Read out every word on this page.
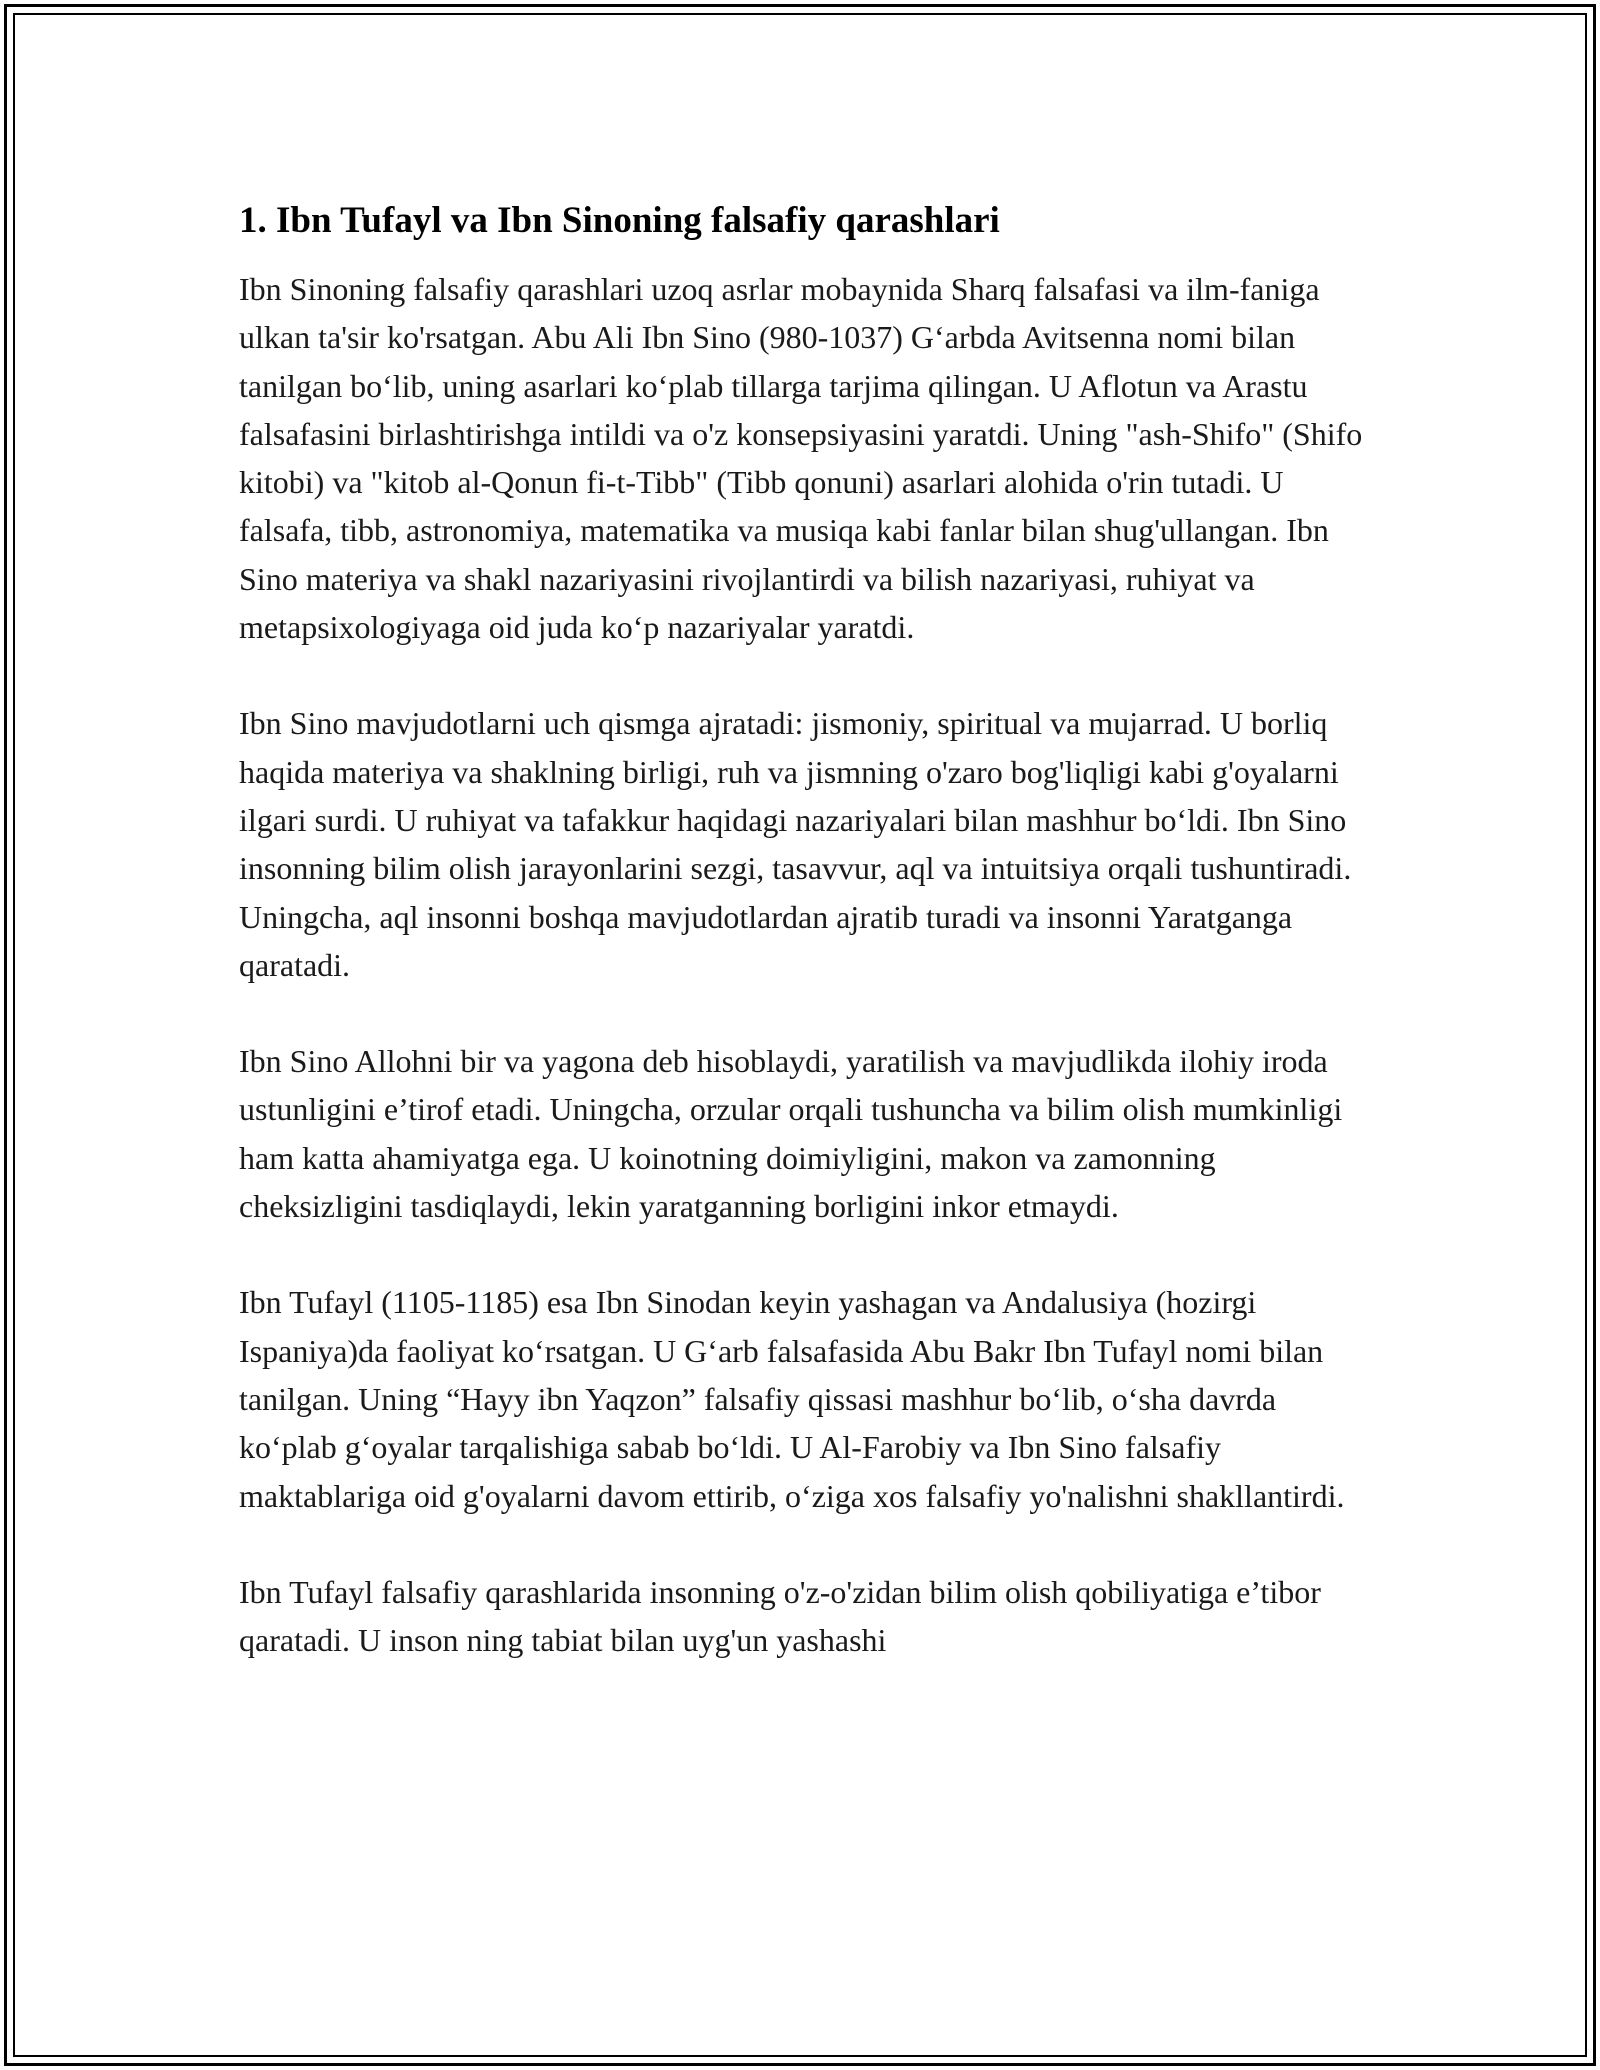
1. Ibn Tufayl va Ibn Sinoning falsafiy qarashlari

Ibn Sinoning falsafiy qarashlari uzoq asrlar mobaynida Sharq falsafasi va ilm-faniga ulkan ta'sir ko'rsatgan. Abu Ali Ibn Sino (980-1037) G‘arbda Avitsenna nomi bilan tanilgan bo‘lib, uning asarlari ko‘plab tillarga tarjima qilingan. U Aflotun va Arastu falsafasini birlashtirishga intildi va o'z konsepsiyasini yaratdi. Uning "ash-Shifo" (Shifo kitobi) va "kitob al-Qonun fi-t-Tibb" (Tibb qonuni) asarlari alohida o'rin tutadi. U falsafa, tibb, astronomiya, matematika va musiqa kabi fanlar bilan shug'ullangan. Ibn Sino materiya va shakl nazariyasini rivojlantirdi va bilish nazariyasi, ruhiyat va metapsixologiyaga oid juda ko‘p nazariyalar yaratdi.

Ibn Sino mavjudotlarni uch qismga ajratadi: jismoniy, spiritual va mujarrad. U borliq haqida materiya va shaklning birligi, ruh va jismning o'zaro bog'liqligi kabi g'oyalarni ilgari surdi. U ruhiyat va tafakkur haqidagi nazariyalari bilan mashhur bo‘ldi. Ibn Sino insonning bilim olish jarayonlarini sezgi, tasavvur, aql va intuitsiya orqali tushuntiradi. Uningcha, aql insonni boshqa mavjudotlardan ajratib turadi va insonni Yaratganga qaratadi.

Ibn Sino Allohni bir va yagona deb hisoblaydi, yaratilish va mavjudlikda ilohiy iroda ustunligini e’tirof etadi. Uningcha, orzular orqali tushuncha va bilim olish mumkinligi ham katta ahamiyatga ega. U koinotning doimiyligini, makon va zamonning cheksizligini tasdiqlaydi, lekin yaratganning borligini inkor etmaydi.

Ibn Tufayl (1105-1185) esa Ibn Sinodan keyin yashagan va Andalusiya (hozirgi Ispaniya)da faoliyat ko‘rsatgan. U G‘arb falsafasida Abu Bakr Ibn Tufayl nomi bilan tanilgan. Uning “Hayy ibn Yaqzon” falsafiy qissasi mashhur bo‘lib, o‘sha davrda ko‘plab g‘oyalar tarqalishiga sabab bo‘ldi. U Al-Farobiy va Ibn Sino falsafiy maktablariga oid g'oyalarni davom ettirib, o‘ziga xos falsafiy yo'nalishni shakllantirdi.

Ibn Tufayl falsafiy qarashlarida insonning o'z-o'zidan bilim olish qobiliyatiga e’tibor qaratadi. U inson ning tabiat bilan uyg'un yashashi
